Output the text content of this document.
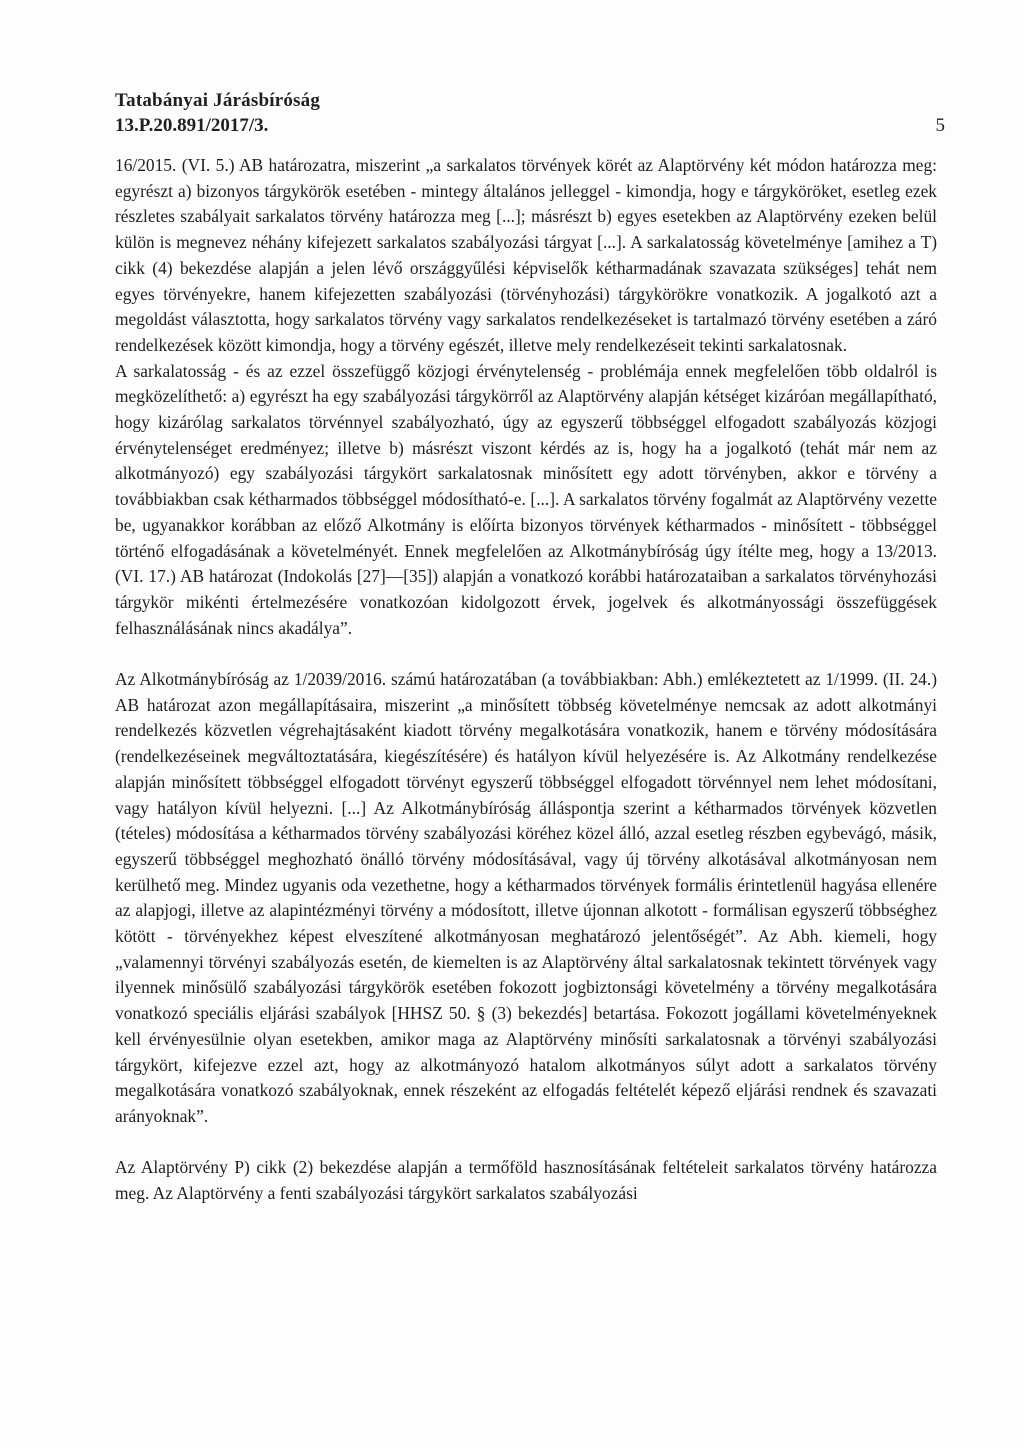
Tatabányai Járásbíróság
13.P.20.891/2017/3.	5

16/2015. (VI. 5.) AB határozatra, miszerint „a sarkalatos törvények körét az Alaptörvény két módon határozza meg: egyrészt a) bizonyos tárgykörök esetében - mintegy általános jelleggel - kimondja, hogy e tárgyköröket, esetleg ezek részletes szabályait sarkalatos törvény határozza meg [...]; másrészt b) egyes esetekben az Alaptörvény ezeken belül külön is megnevez néhány kifejezett sarkalatos szabályozási tárgyat [...]. A sarkalatosság követelménye [amihez a T) cikk (4) bekezdése alapján a jelen lévő országgyűlési képviselők kétharmadának szavazata szükséges] tehát nem egyes törvényekre, hanem kifejezetten szabályozási (törvényhozási) tárgykörökre vonatkozik. A jogalkotó azt a megoldást választotta, hogy sarkalatos törvény vagy sarkalatos rendelkezéseket is tartalmazó törvény esetében a záró rendelkezések között kimondja, hogy a törvény egészét, illetve mely rendelkezéseit tekinti sarkalatosnak.

A sarkalatosság - és az ezzel összefüggő közjogi érvénytelenség - problémája ennek megfelelően több oldalról is megközelíthető: a) egyrészt ha egy szabályozási tárgykörről az Alaptörvény alapján kétséget kizáróan megállapítható, hogy kizárólag sarkalatos törvénnyel szabályozható, úgy az egyszerű többséggel elfogadott szabályozás közjogi érvénytelenséget eredményez; illetve b) másrészt viszont kérdés az is, hogy ha a jogalkotó (tehát már nem az alkotmányozó) egy szabályozási tárgykört sarkalatosnak minősített egy adott törvényben, akkor e törvény a továbbiakban csak kétharmados többséggel módosítható-e. [...]. A sarkalatos törvény fogalmát az Alaptörvény vezette be, ugyanakkor korábban az előző Alkotmány is előírta bizonyos törvények kétharmados - minősített - többséggel történő elfogadásának a követelményét. Ennek megfelelően az Alkotmánybíróság úgy ítélte meg, hogy a 13/2013. (VI. 17.) AB határozat (Indokolás [27]—[35]) alapján a vonatkozó korábbi határozataiban a sarkalatos törvényhozási tárgykör mikénti értelmezésére vonatkozóan kidolgozott érvek, jogelvek és alkotmányossági összefüggések felhasználásának nincs akadálya”.

Az Alkotmánybíróság az 1/2039/2016. számú határozatában (a továbbiakban: Abh.) emlékeztetett az 1/1999. (II. 24.) AB határozat azon megállapításaira, miszerint „a minősített többség követelménye nemcsak az adott alkotmányi rendelkezés közvetlen végrehajtásaként kiadott törvény megalkotására vonatkozik, hanem e törvény módosítására (rendelkezéseinek megváltoztatására, kiegészítésére) és hatályon kívül helyezésére is. Az Alkotmány rendelkezése alapján minősített többséggel elfogadott törvényt egyszerű többséggel elfogadott törvénnyel nem lehet módosítani, vagy hatályon kívül helyezni. [...] Az Alkotmánybíróság álláspontja szerint a kétharmados törvények közvetlen (tételes) módosítása a kétharmados törvény szabályozási köréhez közel álló, azzal esetleg részben egybevágó, másik, egyszerű többséggel meghozható önálló törvény módosításával, vagy új törvény alkotásával alkotmányosan nem kerülhető meg. Mindez ugyanis oda vezethetne, hogy a kétharmados törvények formális érintetlenül hagyása ellenére az alapjogi, illetve az alapintézményi törvény a módosított, illetve újonnan alkotott - formálisan egyszerű többséghez kötött - törvényekhez képest elveszítené alkotmányosan meghatározó jelentőségét”. Az Abh. kiemeli, hogy „valamennyi törvényi szabályozás esetén, de kiemelten is az Alaptörvény által sarkalatosnak tekintett törvények vagy ilyennek minősülő szabályozási tárgykörök esetében fokozott jogbiztonsági követelmény a törvény megalkotására vonatkozó speciális eljárási szabályok [HHSZ 50. § (3) bekezdés] betartása. Fokozott jogállami követelményeknek kell érvényesülnie olyan esetekben, amikor maga az Alaptörvény minősíti sarkalatosnak a törvényi szabályozási tárgykört, kifejezve ezzel azt, hogy az alkotmányozó hatalom alkotmányos súlyt adott a sarkalatos törvény megalkotására vonatkozó szabályoknak, ennek részeként az elfogadás feltételét képező eljárási rendnek és szavazati arányoknak”.

Az Alaptörvény P) cikk (2) bekezdése alapján a termőföld hasznosításának feltételeit sarkalatos törvény határozza meg. Az Alaptörvény a fenti szabályozási tárgykört sarkalatos szabályozási
